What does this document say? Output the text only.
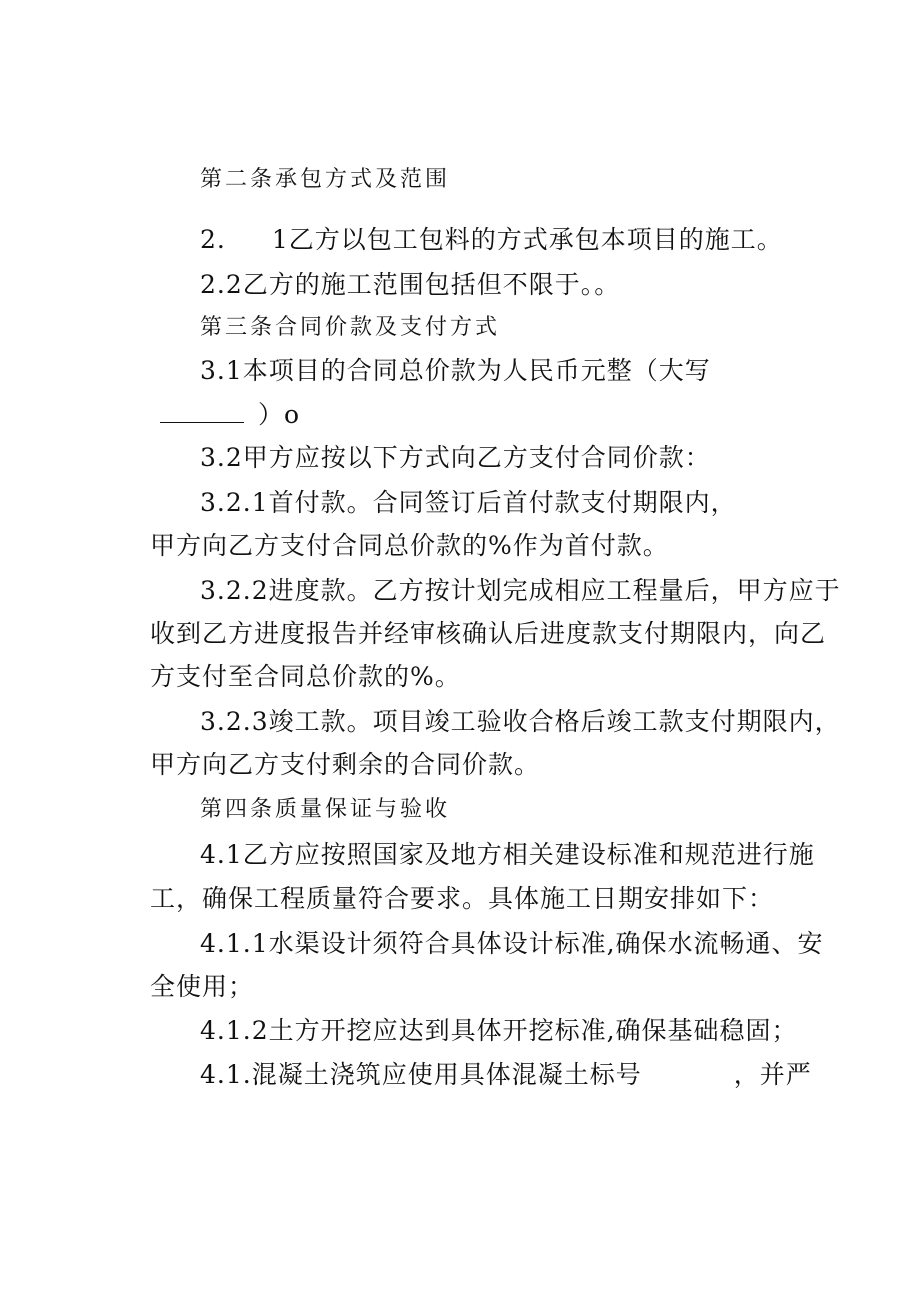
第二条承包方式及范围
2. 1乙方以包工包料的方式承包本项目的施工。
2.2乙方的施工范围包括但不限于。。
第三条合同价款及支付方式
3.1本项目的合同总价款为人民币元整（大写
）o
3.2甲方应按以下方式向乙方支付合同价款：
3.2.1首付款。合同签订后首付款支付期限内，
甲方向乙方支付合同总价款的%作为首付款。
3.2.2进度款。乙方按计划完成相应工程量后，甲方应于
收到乙方进度报告并经审核确认后进度款支付期限内，向乙
方支付至合同总价款的%。
3.2.3竣工款。项目竣工验收合格后竣工款支付期限内，
甲方向乙方支付剩余的合同价款。
第四条质量保证与验收
4.1乙方应按照国家及地方相关建设标准和规范进行施
工，确保工程质量符合要求。具体施工日期安排如下：
4.1.1水渠设计须符合具体设计标准,确保水流畅通、安
全使用；
4.1.2土方开挖应达到具体开挖标准,确保基础稳固；
4.1.混凝土浇筑应使用具体混凝土标号	，并严
